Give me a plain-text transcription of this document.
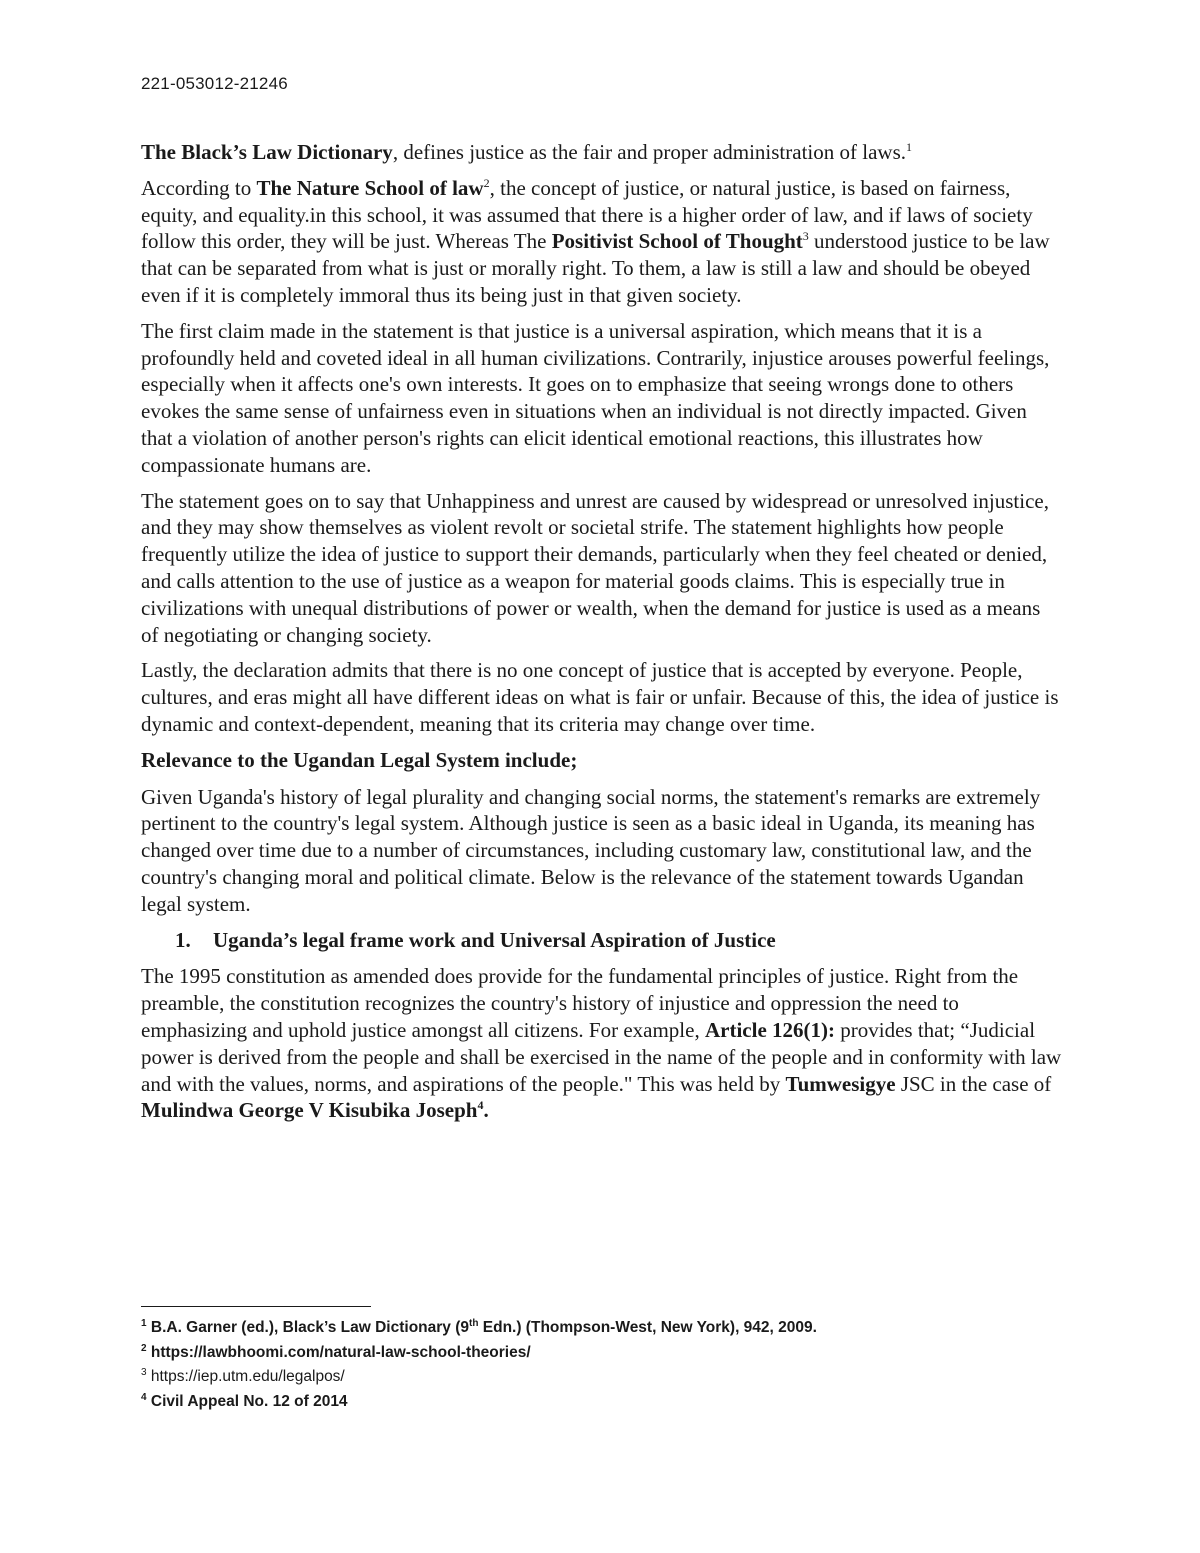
221-053012-21246

The Black’s Law Dictionary, defines justice as the fair and proper administration of laws.$^1$

According to The Nature School of law$^2$, the concept of justice, or natural justice, is based on fairness, equity, and equality.in this school, it was assumed that there is a higher order of law, and if laws of society follow this order, they will be just. Whereas The Positivist School of Thought$^3$ understood justice to be law that can be separated from what is just or morally right. To them, a law is still a law and should be obeyed even if it is completely immoral thus its being just in that given society.

The first claim made in the statement is that justice is a universal aspiration, which means that it is a profoundly held and coveted ideal in all human civilizations. Contrarily, injustice arouses powerful feelings, especially when it affects one's own interests. It goes on to emphasize that seeing wrongs done to others evokes the same sense of unfairness even in situations when an individual is not directly impacted. Given that a violation of another person's rights can elicit identical emotional reactions, this illustrates how compassionate humans are.

The statement goes on to say that Unhappiness and unrest are caused by widespread or unresolved injustice, and they may show themselves as violent revolt or societal strife. The statement highlights how people frequently utilize the idea of justice to support their demands, particularly when they feel cheated or denied, and calls attention to the use of justice as a weapon for material goods claims. This is especially true in civilizations with unequal distributions of power or wealth, when the demand for justice is used as a means of negotiating or changing society.

Lastly, the declaration admits that there is no one concept of justice that is accepted by everyone. People, cultures, and eras might all have different ideas on what is fair or unfair. Because of this, the idea of justice is dynamic and context-dependent, meaning that its criteria may change over time.

Relevance to the Ugandan Legal System include;

Given Uganda's history of legal plurality and changing social norms, the statement's remarks are extremely pertinent to the country's legal system. Although justice is seen as a basic ideal in Uganda, its meaning has changed over time due to a number of circumstances, including customary law, constitutional law, and the country's changing moral and political climate. Below is the relevance of the statement towards Ugandan legal system.

1. Uganda’s legal frame work and Universal Aspiration of Justice

The 1995 constitution as amended does provide for the fundamental principles of justice. Right from the preamble, the constitution recognizes the country's history of injustice and oppression the need to emphasizing and uphold justice amongst all citizens. For example, Article 126(1): provides that; “Judicial power is derived from the people and shall be exercised in the name of the people and in conformity with law and with the values, norms, and aspirations of the people." This was held by Tumwesigye JSC in the case of Mulindwa George V Kisubika Joseph$^4$.

$^1$ B.A. Garner (ed.), Black’s Law Dictionary (9th Edn.) (Thompson-West, New York), 942, 2009.

$^2$ https://lawbhoomi.com/natural-law-school-theories/

$^3$ https://iep.utm.edu/legalpos/

$^4$ Civil Appeal No. 12 of 2014
